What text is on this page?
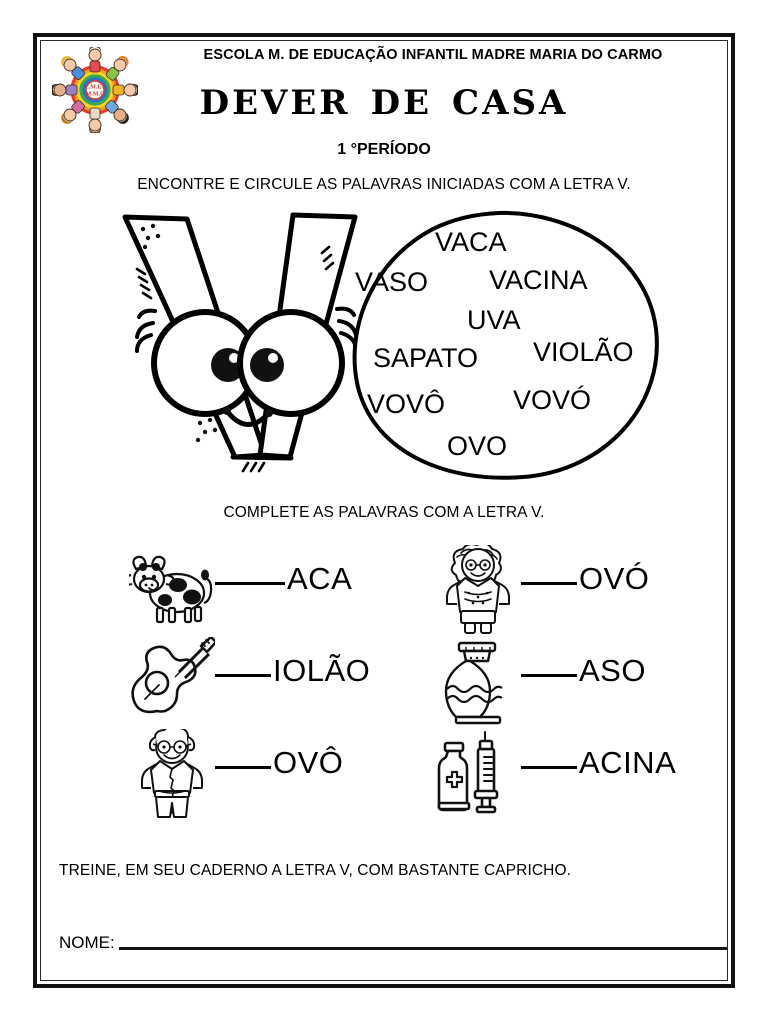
E.M.E.I
M.M.C
ESCOLA M. DE EDUCAÇÃO INFANTIL MADRE MARIA DO CARMO
dever de casa
1 °PERÍODO
ENCONTRE E CIRCULE AS PALAVRAS INICIADAS COM A LETRA V.
VACA
VASO VACINA
UVA
SAPATO VIOLÃO
VOVÔ	VOVÓ
OVO
COMPLETE AS PALAVRAS COM A LETRA V.
ACA	OVÓ
IOLÃO	ASO
OVÔ	ACINA
TREINE, EM SEU CADERNO A LETRA V, COM BASTANTE CAPRICHO.
NOME:
